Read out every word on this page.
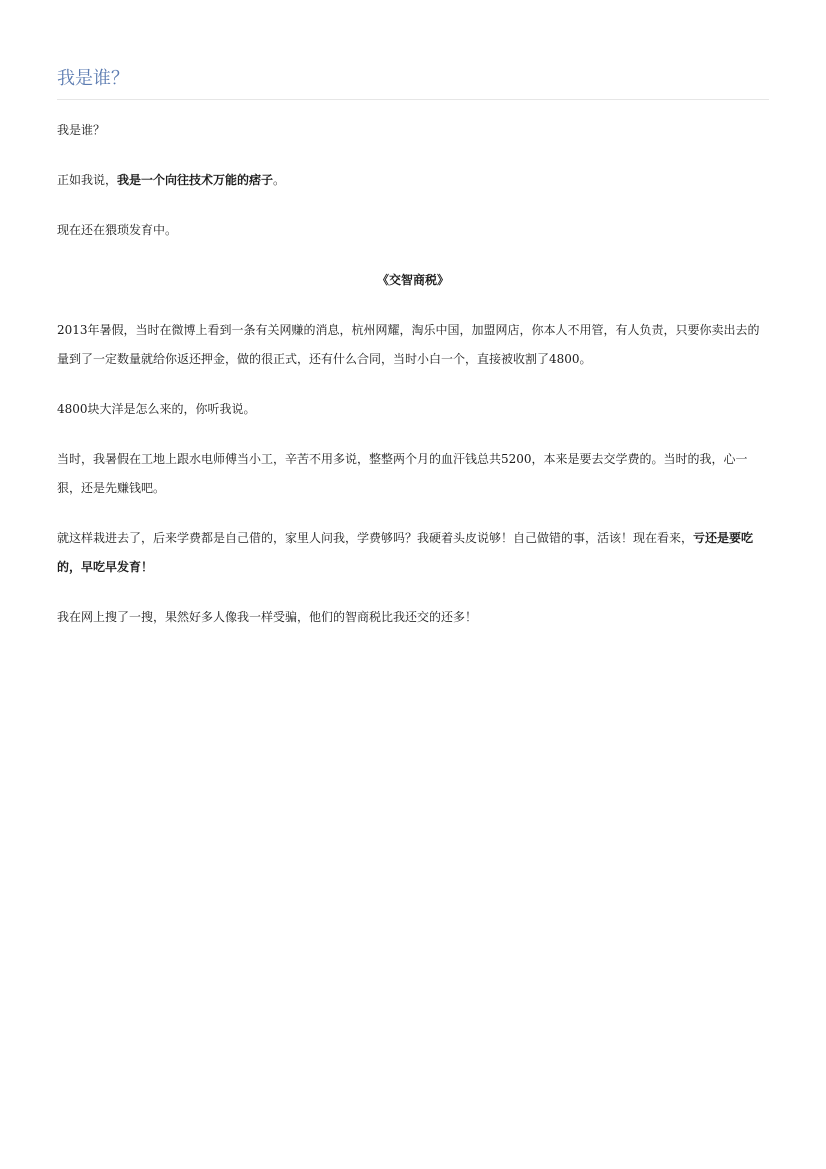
我是谁？

我是谁？

正如我说，我是一个向往技术万能的痞子。

现在还在猥琐发育中。

《交智商税》

2013年暑假，当时在微博上看到一条有关网赚的消息，杭州网耀，淘乐中国，加盟网店，你本人不用管，有人负责，只要你卖出去的量到了一定数量就给你返还押金，做的很正式，还有什么合同，当时小白一个，直接被收割了4800。

4800块大洋是怎么来的，你听我说。

当时，我暑假在工地上跟水电师傅当小工，辛苦不用多说，整整两个月的血汗钱总共5200，本来是要去交学费的。当时的我，心一狠，还是先赚钱吧。

就这样栽进去了，后来学费都是自己借的，家里人问我，学费够吗？我硬着头皮说够！自己做错的事，活该！现在看来，亏还是要吃的，早吃早发育！

我在网上搜了一搜，果然好多人像我一样受骗，他们的智商税比我还交的还多！
